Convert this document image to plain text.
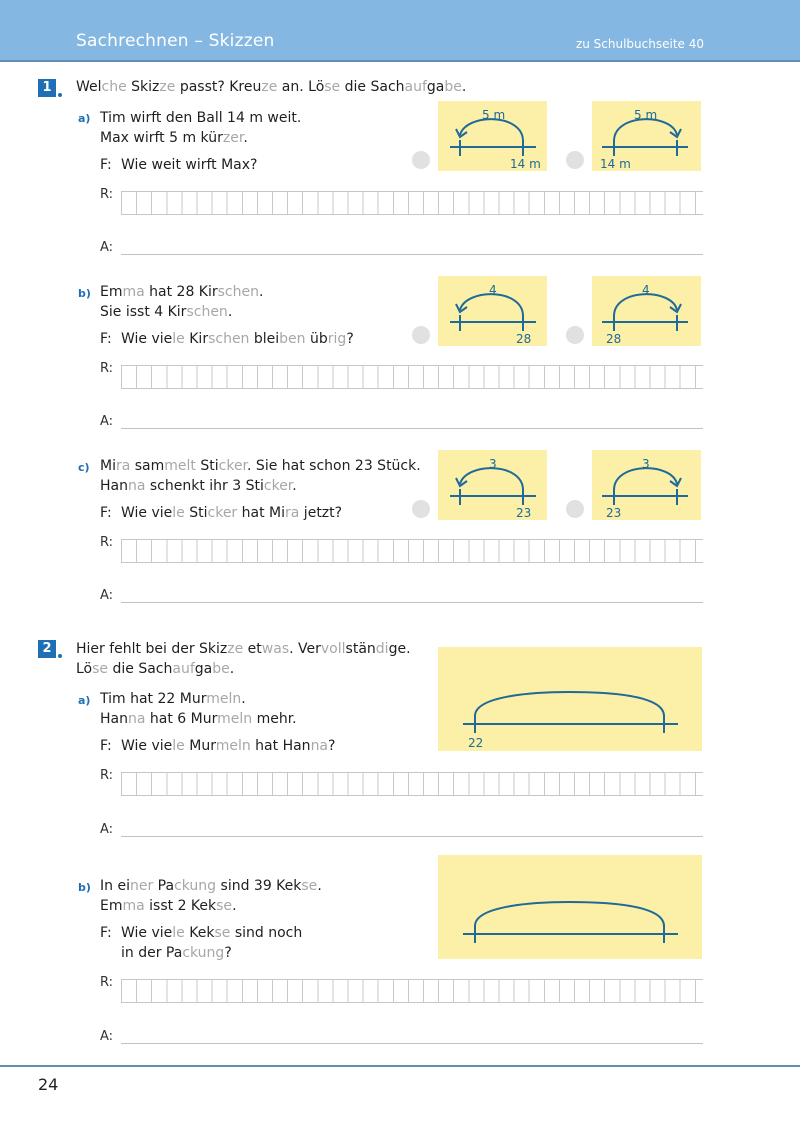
Sachrechnen – Skizzen	zu Schulbuchseite 40
1	Welche Skizze passt? Kreuze an. Löse die Sachaufgabe.
a) Tim wirft den Ball 14 m weit.
Max wirft 5 m kürzer.
F: Wie weit wirft Max?
5 m
14 m
5 m
14 m
R:
A:
b) Emma hat 28 Kirschen.
Sie isst 4 Kirschen.
F: Wie viele Kirschen bleiben übrig?
4
28
4
28
R:
A:
c) Mira sammelt Sticker. Sie hat schon 23 Stück.
Hanna schenkt ihr 3 Sticker.
F: Wie viele Sticker hat Mira jetzt?
3
23
3
23
R:
A:
2	Hier fehlt bei der Skizze etwas. Vervollständige.
Löse die Sachaufgabe.
a) Tim hat 22 Murmeln.
Hanna hat 6 Murmeln mehr.
F: Wie viele Murmeln hat Hanna?	22
R:
A:
b) In einer Packung sind 39 Kekse.
Emma isst 2 Kekse.
F: Wie viele Kekse sind noch
in der Packung?
R:
A:
24
